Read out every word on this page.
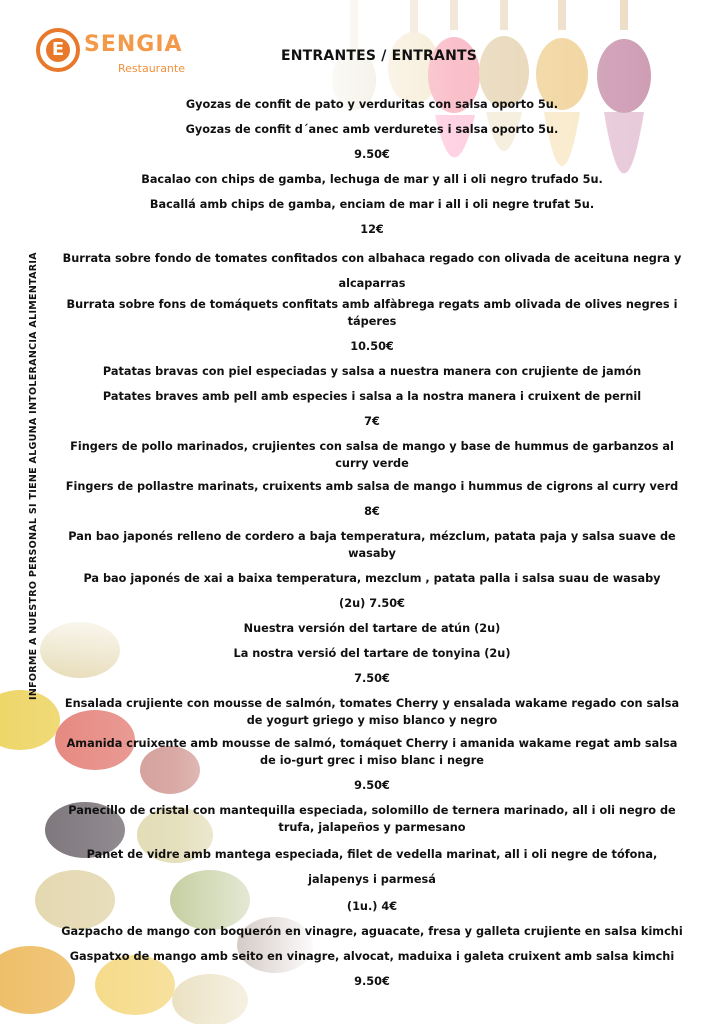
E SENGIA
Restaurante
ENTRANTES / ENTRANTS
INFORME A NUESTRO PERSONAL SI TIENE ALGUNA INTOLERANCIA ALIMENTARIA

Gyozas de confit de pato y verduritas con salsa oporto 5u.

Gyozas de confit d´anec amb verduretes i salsa oporto 5u.

9.50€

Bacalao con chips de gamba, lechuga de mar y all i oli negro trufado 5u.

Bacallá amb chips de gamba, enciam de mar i all i oli negre trufat 5u.

12€

Burrata sobre fondo de tomates confitados con albahaca regado con olivada de aceituna negra y alcaparras

Burrata sobre fons de tomáquets confitats amb alfàbrega regats amb olivada de olives negres i táperes

10.50€

Patatas bravas con piel especiadas y salsa a nuestra manera con crujiente de jamón

Patates braves amb pell amb especies i salsa a la nostra manera i cruixent de pernil

7€

Fingers de pollo marinados, crujientes con salsa de mango y base de hummus de garbanzos al curry verde

Fingers de pollastre marinats, cruixents amb salsa de mango i hummus de cigrons al curry verd

8€

Pan bao japonés relleno de cordero a baja temperatura, mézclum, patata paja y salsa suave de wasaby

Pa bao japonés de xai a baixa temperatura, mezclum , patata palla i salsa suau de wasaby

(2u) 7.50€

Nuestra versión del tartare de atún (2u)

La nostra versió del tartare de tonyina (2u)

7.50€

Ensalada crujiente con mousse de salmón, tomates Cherry y ensalada wakame regado con salsa de yogurt griego y miso blanco y negro

Amanida cruixente amb mousse de salmó, tomáquet Cherry i amanida wakame regat amb salsa de io-gurt grec i miso blanc i negre

9.50€

Panecillo de cristal con mantequilla especiada, solomillo de ternera marinado, all i oli negro de trufa, jalapeños y parmesano

Panet de vidre amb mantega especiada, filet de vedella marinat, all i oli negre de tófona, jalapenys i parmesá

(1u.) 4€

Gazpacho de mango con boquerón en vinagre, aguacate, fresa y galleta crujiente en salsa kimchi

Gaspatxo de mango amb seito en vinagre, alvocat, maduixa i galeta cruixent amb salsa kimchi

9.50€
